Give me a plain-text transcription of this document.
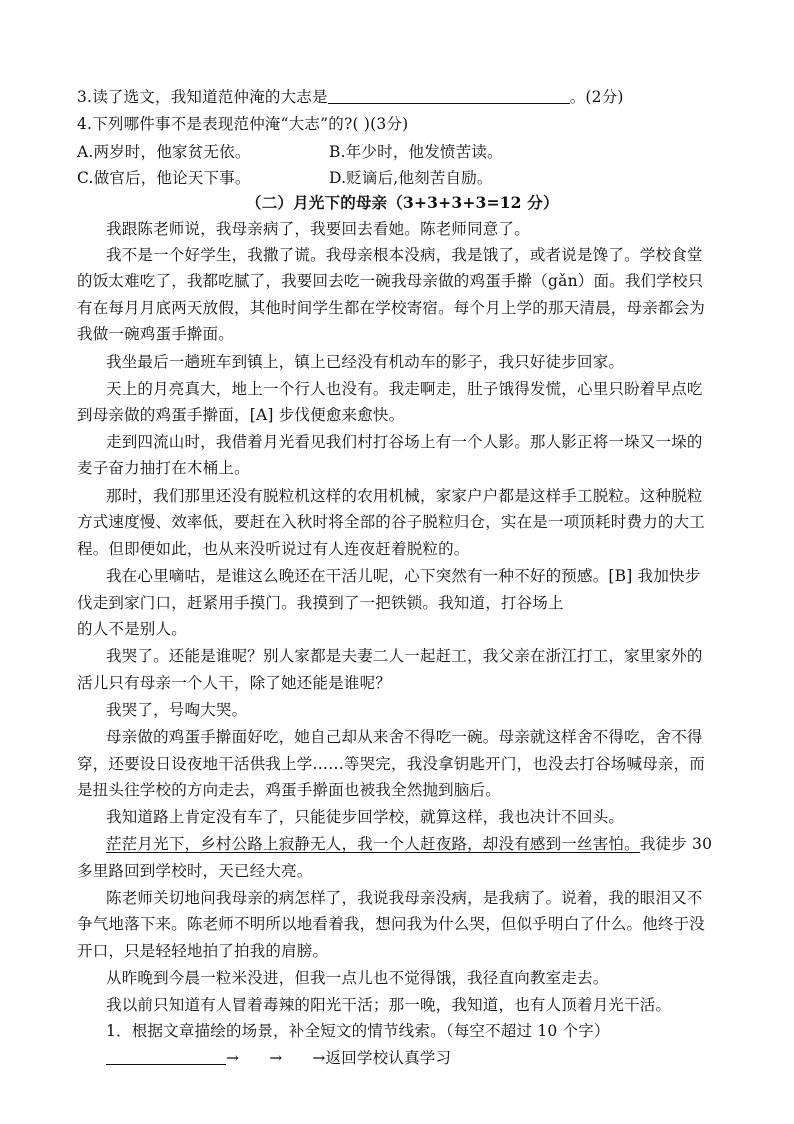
3.读了选文，我知道范仲淹的大志是	。(2分)
4.下列哪件事不是表现范仲淹“大志”的?( )(3分)
A.两岁时，他家贫无依。	B.年少时，他发愤苦读。
C.做官后，他论天下事。	D.贬谪后,他刻苦自励。
（二）月光下的母亲（3+3+3+3=12 分）
我跟陈老师说，我母亲病了，我要回去看她。陈老师同意了。
我不是一个好学生，我撒了谎。我母亲根本没病，我是饿了，或者说是馋了。学校食堂
的饭太难吃了，我都吃腻了，我要回去吃一碗我母亲做的鸡蛋手擀（gǎn）面。我们学校只
有在每月月底两天放假，其他时间学生都在学校寄宿。每个月上学的那天清晨，母亲都会为
我做一碗鸡蛋手擀面。
我坐最后一趟班车到镇上，镇上已经没有机动车的影子，我只好徒步回家。
天上的月亮真大，地上一个行人也没有。我走啊走，肚子饿得发慌，心里只盼着早点吃
到母亲做的鸡蛋手擀面，[A] 步伐便愈来愈快。
走到四流山时，我借着月光看见我们村打谷场上有一个人影。那人影正将一垛又一垛的
麦子奋力抽打在木桶上。
那时，我们那里还没有脱粒机这样的农用机械，家家户户都是这样手工脱粒。这种脱粒
方式速度慢、效率低，要赶在入秋时将全部的谷子脱粒归仓，实在是一项顶耗时费力的大工
程。但即便如此，也从来没听说过有人连夜赶着脱粒的。
我在心里嘀咕，是谁这么晚还在干活儿呢，心下突然有一种不好的预感。[B] 我加快步
伐走到家门口，赶紧用手摸门。我摸到了一把铁锁。我知道，打谷场上
的人不是别人。
我哭了。还能是谁呢？别人家都是夫妻二人一起赶工，我父亲在浙江打工，家里家外的
活儿只有母亲一个人干，除了她还能是谁呢？
我哭了，号啕大哭。
母亲做的鸡蛋手擀面好吃，她自己却从来舍不得吃一碗。母亲就这样舍不得吃，舍不得
穿，还要设日设夜地干活供我上学……等哭完，我没拿钥匙开门，也没去打谷场喊母亲，而
是扭头往学校的方向走去，鸡蛋手擀面也被我全然抛到脑后。
我知道路上肯定没有车了，只能徒步回学校，就算这样，我也决计不回头。
茫茫月光下，乡村公路上寂静无人，我一个人赶夜路，却没有感到一丝害怕。我徒步 30
多里路回到学校时，天已经大亮。
陈老师关切地问我母亲的病怎样了，我说我母亲没病，是我病了。说着，我的眼泪又不
争气地落下来。陈老师不明所以地看着我，想问我为什么哭，但似乎明白了什么。他终于没
开口，只是轻轻地拍了拍我的肩膀。
从昨晚到今晨一粒米没进，但我一点儿也不觉得饿，我径直向教室走去。
我以前只知道有人冒着毒辣的阳光干活；那一晚，我知道，也有人顶着月光干活。
1．根据文章描绘的场景，补全短文的情节线索。（每空不超过 10 个字）
→ → →返回学校认真学习
